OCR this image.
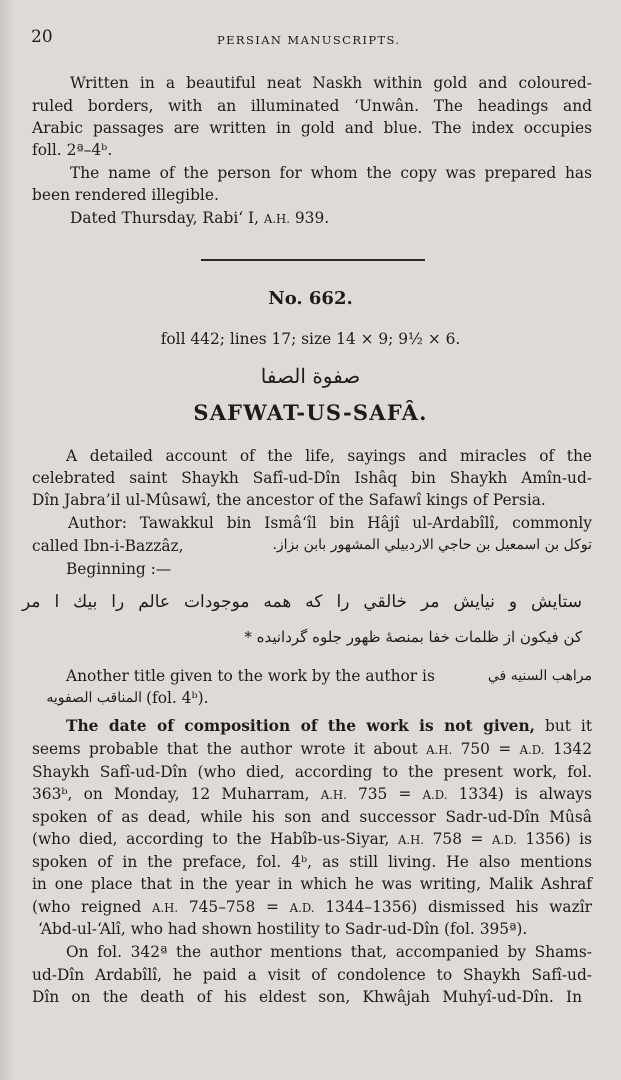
20	PERSIAN MANUSCRIPTS.
Written in a beautiful neat Naskh within gold and coloured-
ruled borders, with an illuminated ‘Unwân. The headings and
Arabic passages are written in gold and blue. The index occupies
foll. 2ª–4ᵇ.
The name of the person for whom the copy was prepared has
been rendered illegible.
Dated Thursday, Rabi‘ I, A.H. 939.
No. 662.
foll 442; lines 17; size 14 × 9; 9½ × 6.
صفوة الصفا
SAFWAT-US-SAFÂ.
A detailed account of the life, sayings and miracles of the
celebrated saint Shaykh Safî-ud-Dîn Ishâq bin Shaykh Amîn-ud-
Dîn Jabra’il ul-Mûsawî, the ancestor of the Safawî kings of Persia.
Author: Tawakkul bin Ismâ‘îl bin Hâjî ul-Ardabîlî, commonly
called Ibn-i-Bazzâz,	توكل بن اسمعيل بن حاجي الاردبيلي المشهور بابن بزاز.
Beginning :—
ستايش و نيايش مر خالقي را كه همه موجودات عالم را بيك ا مر
كن فيكون از ظلمات خفا بمنصهٔ ظهور جلوه گردانيده *
Another title given to the work by the author is	مراهب السنيه في
المناقب الصفويه (fol. 4ᵇ).
The date of composition of the work is not given, but it
seems probable that the author wrote it about A.H. 750 = A.D. 1342
Shaykh Safî-ud-Dîn (who died, according to the present work, fol.
363ᵇ, on Monday, 12 Muharram, A.H. 735 = A.D. 1334) is always
spoken of as dead, while his son and successor Sadr-ud-Dîn Mûsâ
(who died, according to the Habîb-us-Siyar, A.H. 758 = A.D. 1356) is
spoken of in the preface, fol. 4ᵇ, as still living. He also mentions
in one place that in the year in which he was writing, Malik Ashraf
(who reigned A.H. 745–758 = A.D. 1344–1356) dismissed his wazîr
‘Abd-ul-‘Alî, who had shown hostility to Sadr-ud-Dîn (fol. 395ª).
On fol. 342ª the author mentions that, accompanied by Shams-
ud-Dîn Ardabîlî, he paid a visit of condolence to Shaykh Safî-ud-
Dîn on the death of his eldest son, Khwâjah Muhyî-ud-Dîn. In
